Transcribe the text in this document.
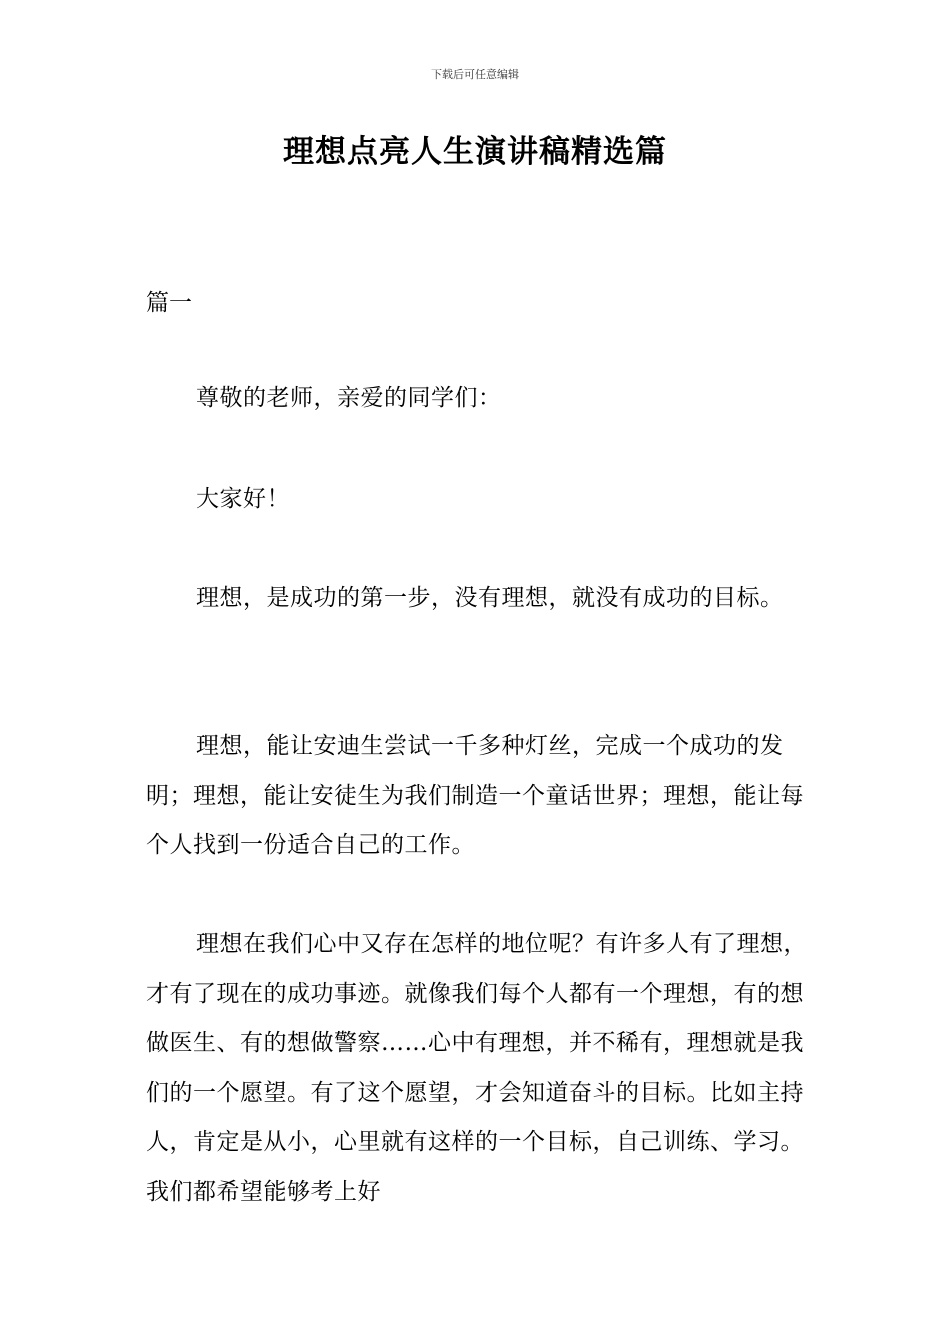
下载后可任意编辑
理想点亮人生演讲稿精选篇
篇一

尊敬的老师，亲爱的同学们：

大家好！

理想，是成功的第一步，没有理想，就没有成功的目标。

理想，能让安迪生尝试一千多种灯丝，完成一个成功的发明；理想，能让安徒生为我们制造一个童话世界；理想，能让每个人找到一份适合自己的工作。

理想在我们心中又存在怎样的地位呢？有许多人有了理想，才有了现在的成功事迹。就像我们每个人都有一个理想，有的想做医生、有的想做警察……心中有理想，并不稀有，理想就是我们的一个愿望。有了这个愿望，才会知道奋斗的目标。比如主持人，肯定是从小，心里就有这样的一个目标，自己训练、学习。我们都希望能够考上好
